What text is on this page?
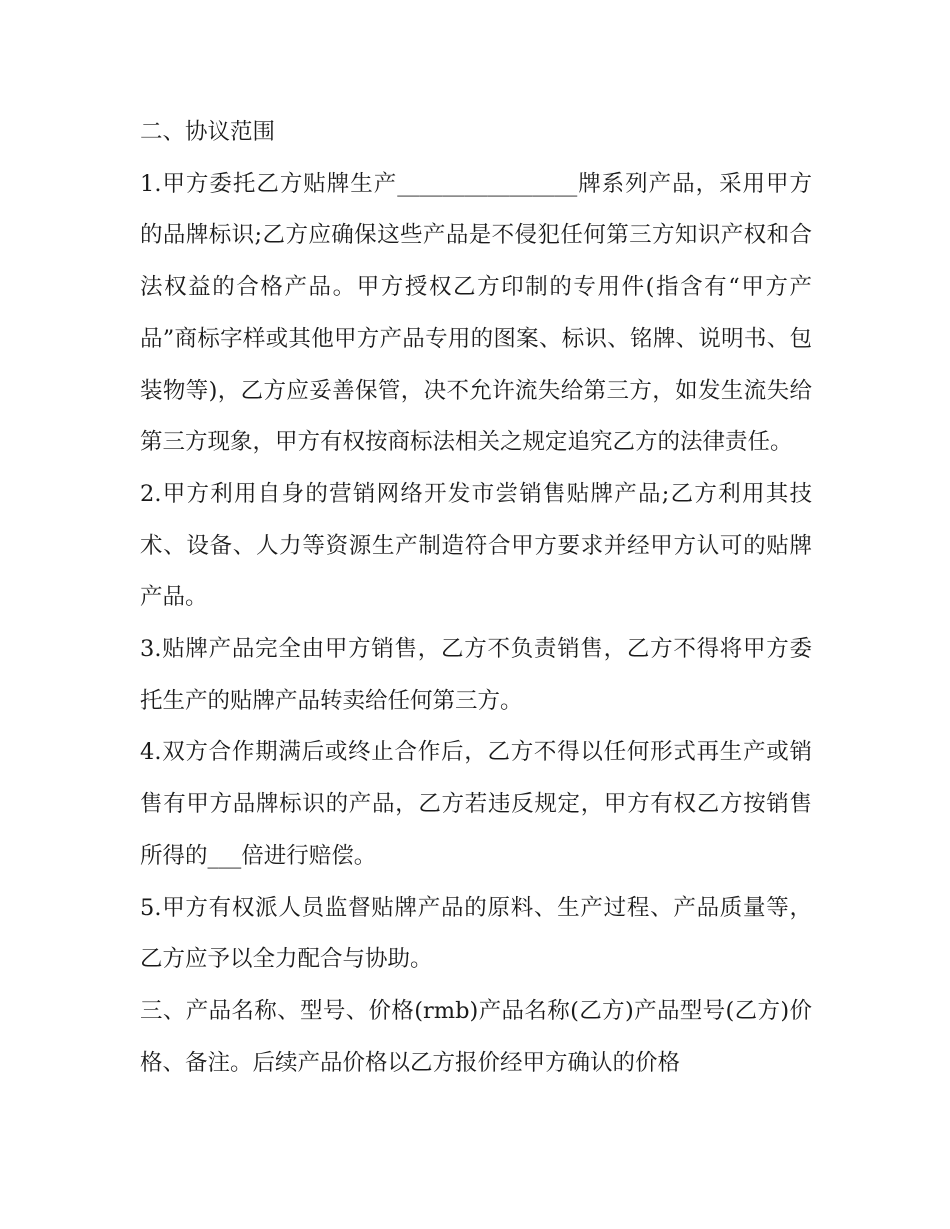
二、协议范围

1.甲方委托乙方贴牌生产________________牌系列产品，采用甲方的品牌标识;乙方应确保这些产品是不侵犯任何第三方知识产权和合法权益的合格产品。甲方授权乙方印制的专用件(指含有“甲方产品”商标字样或其他甲方产品专用的图案、标识、铭牌、说明书、包装物等)，乙方应妥善保管，决不允许流失给第三方，如发生流失给第三方现象，甲方有权按商标法相关之规定追究乙方的法律责任。

2.甲方利用自身的营销网络开发市尝销售贴牌产品;乙方利用其技术、设备、人力等资源生产制造符合甲方要求并经甲方认可的贴牌产品。

3.贴牌产品完全由甲方销售，乙方不负责销售，乙方不得将甲方委托生产的贴牌产品转卖给任何第三方。

4.双方合作期满后或终止合作后，乙方不得以任何形式再生产或销售有甲方品牌标识的产品，乙方若违反规定，甲方有权乙方按销售所得的___倍进行赔偿。

5.甲方有权派人员监督贴牌产品的原料、生产过程、产品质量等，乙方应予以全力配合与协助。

三、产品名称、型号、价格(rmb)产品名称(乙方)产品型号(乙方)价格、备注。后续产品价格以乙方报价经甲方确认的价格
